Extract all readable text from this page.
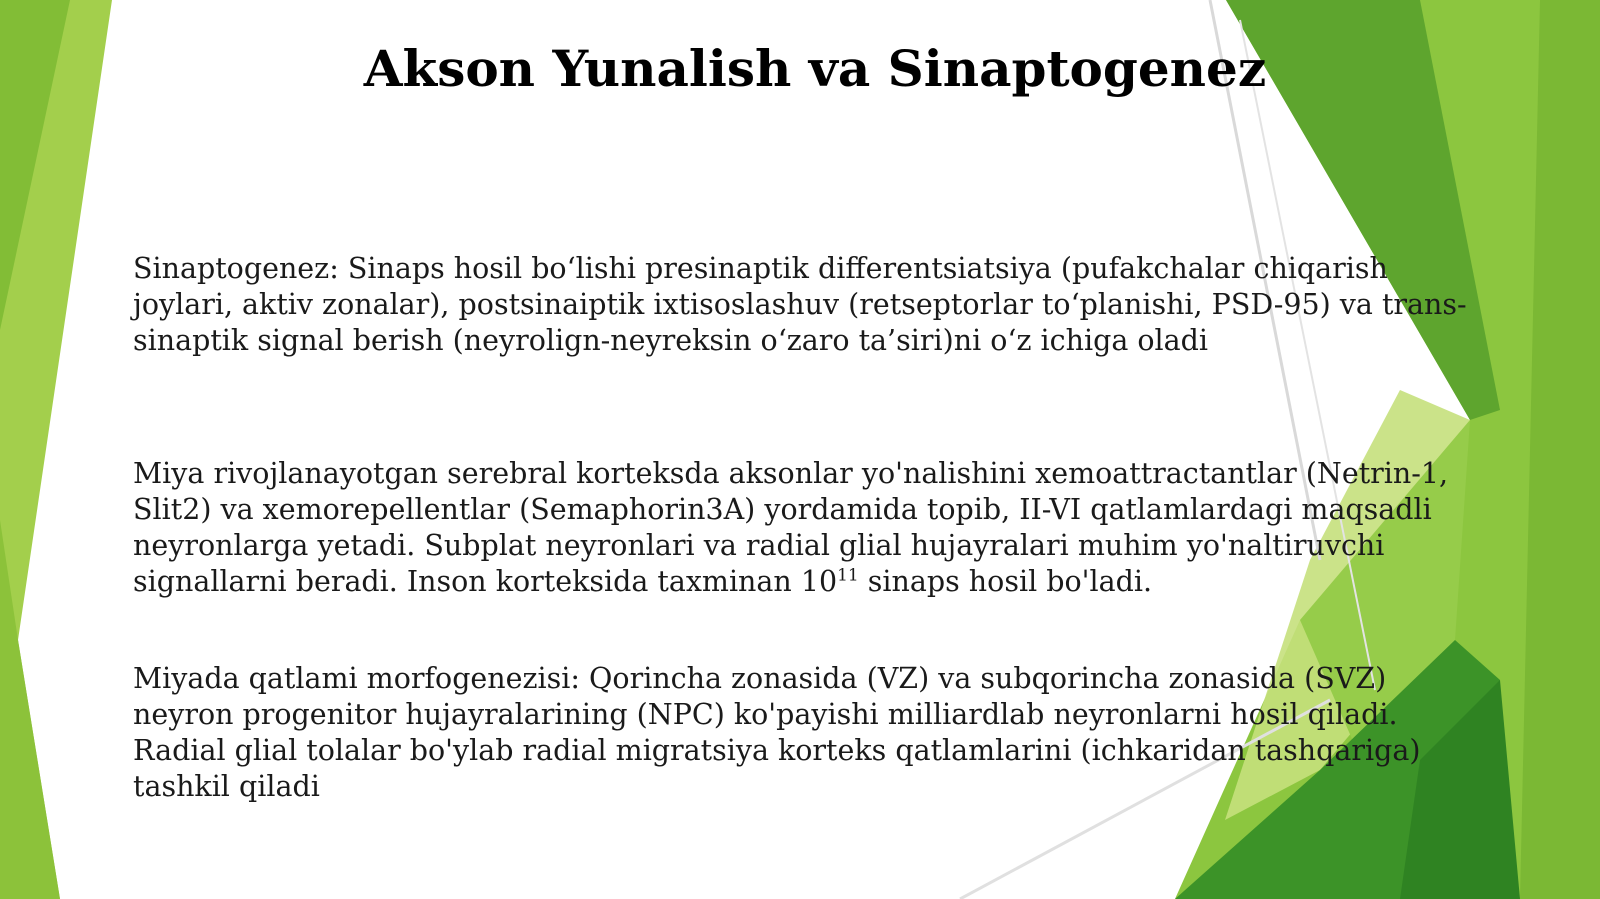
Akson Yunalish va Sinaptogenez

Sinaptogenez: Sinaps hosil bo‘lishi presinaptik differentsiatsiya (pufakchalar chiqarish joylari, aktiv zonalar), postsinaiptik ixtisoslashuv (retseptorlar to‘planishi, PSD-95) va trans-sinaptik signal berish (neyrolign-neyreksin o‘zaro ta’siri)ni o‘z ichiga oladi

Miya rivojlanayotgan serebral korteksda aksonlar yo'nalishini xemoattractantlar (Netrin-1, Slit2) va xemorepellentlar (Semaphorin3A) yordamida topib, II-VI qatlamlardagi maqsadli neyronlarga yetadi. Subplat neyronlari va radial glial hujayralari muhim yo'naltiruvchi signallarni beradi. Inson korteksida taxminan $10^{11}$ sinaps hosil bo'ladi.

Miyada qatlami morfogenezisi: Qorincha zonasida (VZ) va subqorincha zonasida (SVZ) neyron progenitor hujayralarining (NPC) ko'payishi milliardlab neyronlarni hosil qiladi. Radial glial tolalar bo'ylab radial migratsiya korteks qatlamlarini (ichkaridan tashqariga) tashkil qiladi
